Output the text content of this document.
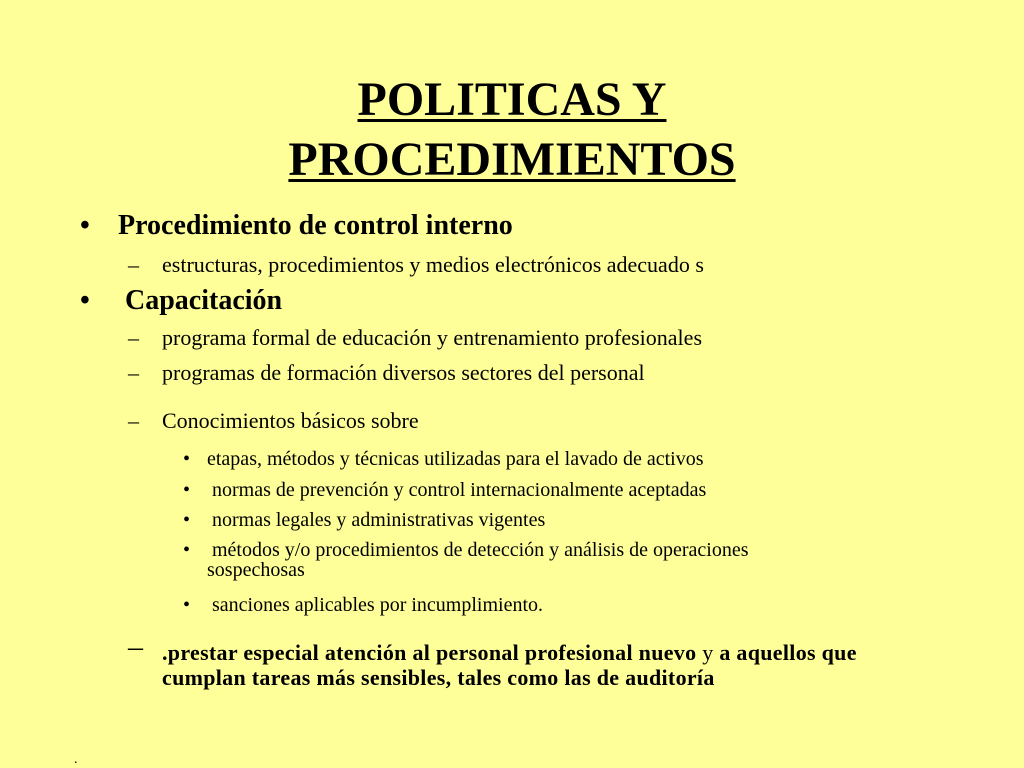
POLITICAS Y
PROCEDIMIENTOS
• Procedimiento de control interno
– estructuras, procedimientos y medios electrónicos adecuado s
• Capacitación
– programa formal de educación y entrenamiento profesionales
– programas de formación diversos sectores del personal
– Conocimientos básicos sobre
• etapas, métodos y técnicas utilizadas para el lavado de activos
• normas de prevención y control internacionalmente aceptadas
• normas legales y administrativas vigentes
• métodos y/o procedimientos de detección y análisis de operaciones
sospechosas
• sanciones aplicables por incumplimiento.
– .prestar especial atención al personal profesional nuevo y a aquellos que cumplan tareas más sensibles, tales como las de auditoría
.
